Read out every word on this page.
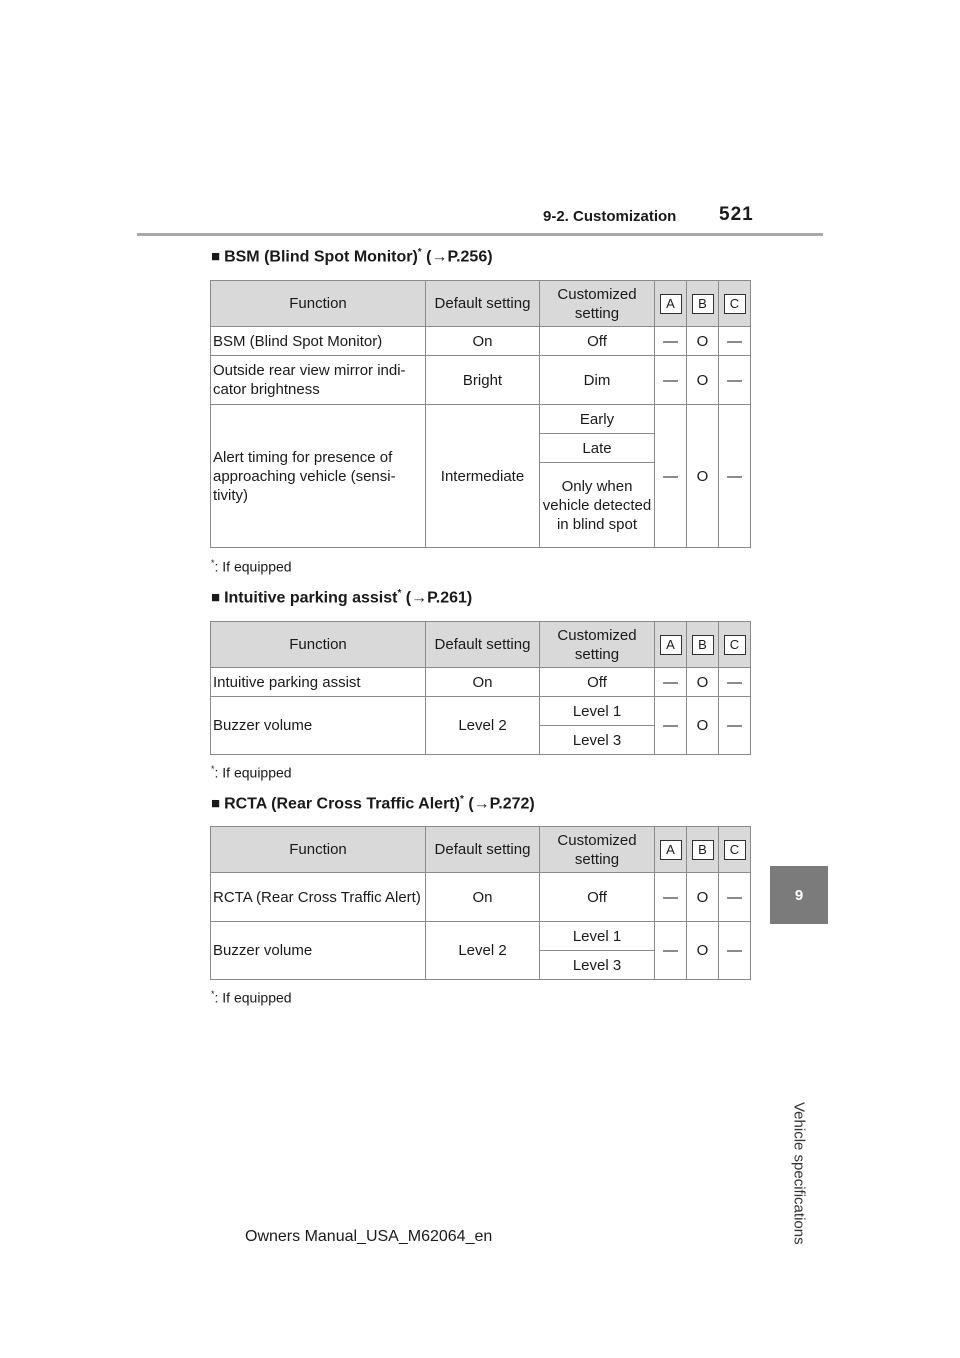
9-2. Customization 521
9
Vehicle specifications
■ BSM (Blind Spot Monitor)* (→P.256)
Function	Default setting	Customized setting	A	B	C
BSM (Blind Spot Monitor)	On	Off	—	O	—
Outside rear view mirror indi-cator brightness	Bright	Dim	—	O	—
Alert timing for presence of approaching vehicle (sensi-tivity)	Intermediate	Early	—	O	—
		Late			
		Only when vehicle detected in blind spot			
*: If equipped
■ Intuitive parking assist* (→P.261)
Function	Default setting	Customized setting	A	B	C
Intuitive parking assist	On	Off	—	O	—
Buzzer volume	Level 2	Level 1	—	O	—
		Level 3			
*: If equipped
■ RCTA (Rear Cross Traffic Alert)* (→P.272)
Function	Default setting	Customized setting	A	B	C
RCTA (Rear Cross Traffic Alert)	On	Off	—	O	—
Buzzer volume	Level 2	Level 1	—	O	—
		Level 3			
*: If equipped
Owners Manual_USA_M62064_en
